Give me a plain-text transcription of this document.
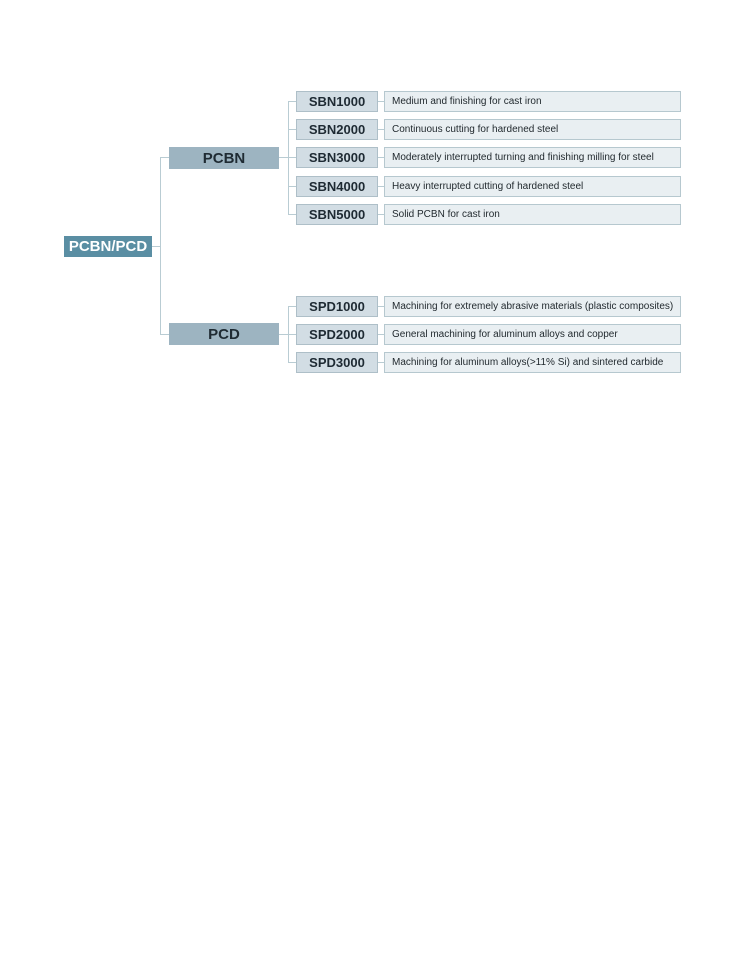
PCBN/PCD
PCBN
PCD
SBN1000	Medium and finishing for cast iron
SBN2000	Continuous cutting for hardened steel
SBN3000	Moderately interrupted turning and finishing milling for steel
SBN4000	Heavy interrupted cutting of hardened steel
SBN5000	Solid PCBN for cast iron
SPD1000	Machining for extremely abrasive materials (plastic composites)
SPD2000	General machining for aluminum alloys and copper
SPD3000	Machining for aluminum alloys(>11% Si) and sintered carbide
